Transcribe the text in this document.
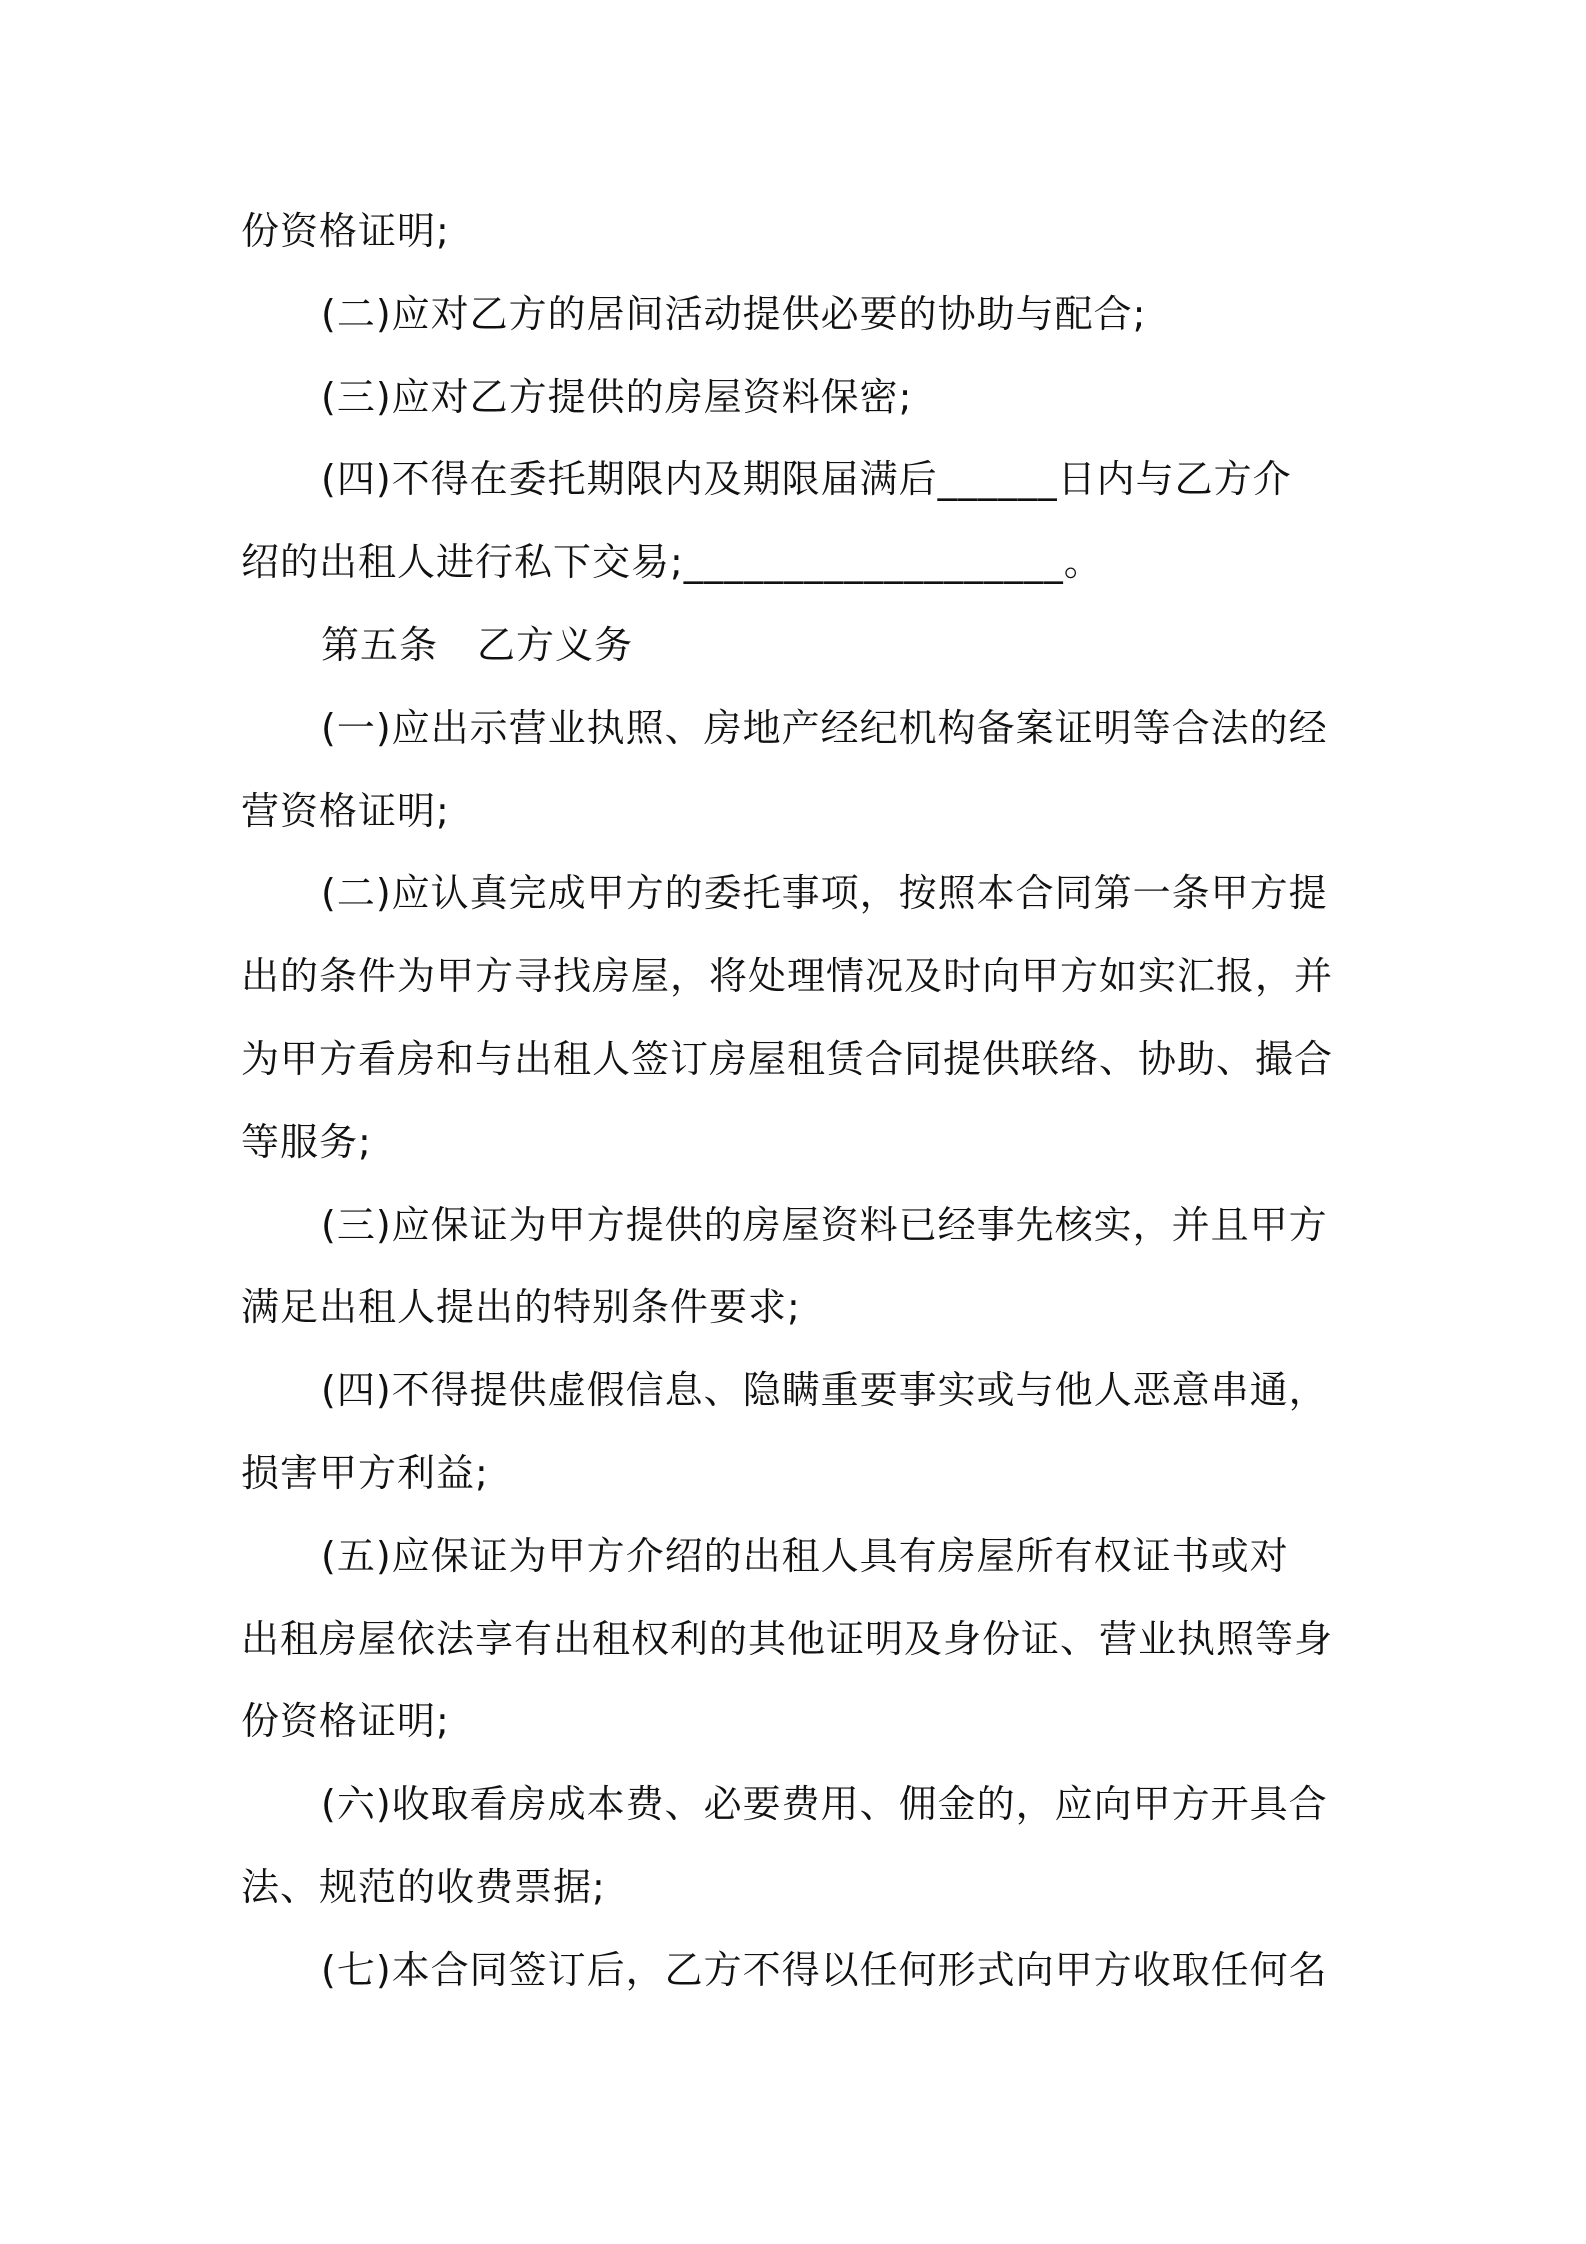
份资格证明;
(二)应对乙方的居间活动提供必要的协助与配合;
(三)应对乙方提供的房屋资料保密;
(四)不得在委托期限内及期限届满后______日内与乙方介
绍的出租人进行私下交易;___________________。
第五条　乙方义务
(一)应出示营业执照、房地产经纪机构备案证明等合法的经
营资格证明;
(二)应认真完成甲方的委托事项，按照本合同第一条甲方提
出的条件为甲方寻找房屋，将处理情况及时向甲方如实汇报，并
为甲方看房和与出租人签订房屋租赁合同提供联络、协助、撮合
等服务;
(三)应保证为甲方提供的房屋资料已经事先核实，并且甲方
满足出租人提出的特别条件要求;
(四)不得提供虚假信息、隐瞒重要事实或与他人恶意串通，
损害甲方利益;
(五)应保证为甲方介绍的出租人具有房屋所有权证书或对
出租房屋依法享有出租权利的其他证明及身份证、营业执照等身
份资格证明;
(六)收取看房成本费、必要费用、佣金的，应向甲方开具合
法、规范的收费票据;
(七)本合同签订后，乙方不得以任何形式向甲方收取任何名
